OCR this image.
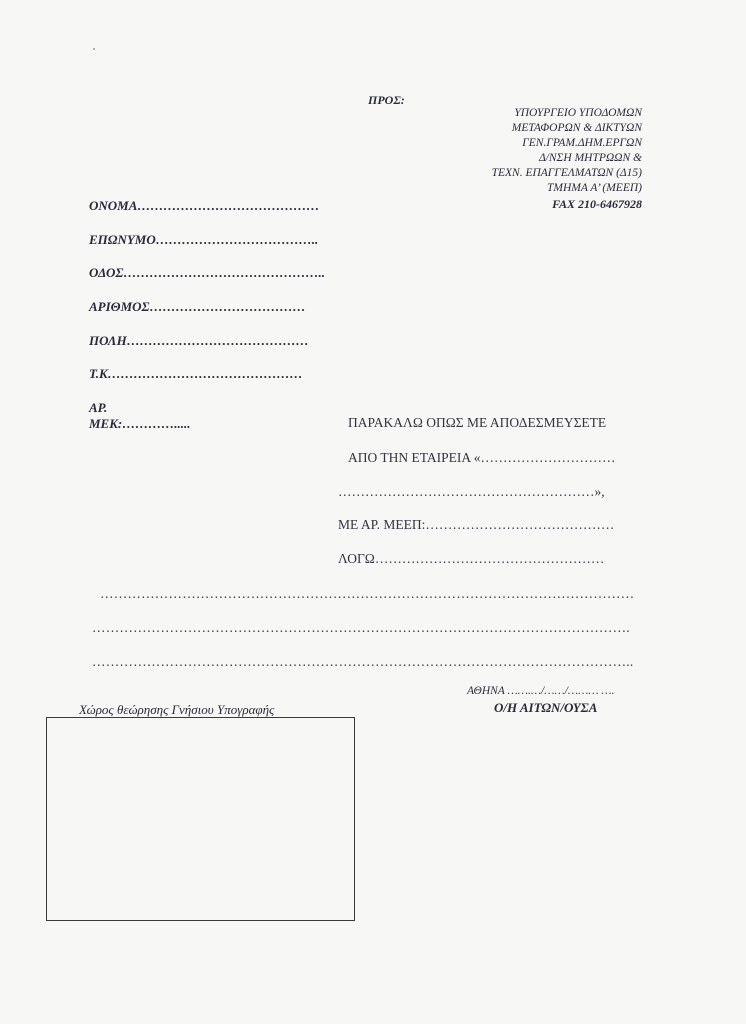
ΠΡΟΣ:
ΥΠΟΥΡΓΕΙΟ ΥΠΟΔΟΜΩΝ
ΜΕΤΑΦΟΡΩΝ & ΔΙΚΤΥΩΝ
ΓΕΝ.ΓΡΑΜ.ΔΗΜ.ΕΡΓΩΝ
Δ/ΝΣΗ ΜΗΤΡΩΩΝ &
ΤΕΧΝ. ΕΠΑΓΓΕΛΜΑΤΩΝ (Δ15)
ΤΜΗΜΑ Α’ (ΜΕΕΠ)
FAX 210-6467928
ΟΝΟΜΑ……………………………………
ΕΠΩΝΥΜΟ………………………………..
ΟΔΟΣ………………………………………..
ΑΡΙΘΜΟΣ………………………………
ΠΟΛΗ……………………………………
Τ.Κ………………………………………
ΑΡ. ΜΕΚ:………….....	ΠΑΡΑΚΑΛΩ ΟΠΩΣ ΜΕ ΑΠΟΔΕΣΜΕΥΣΕΤΕ
ΑΠΟ ΤΗΝ ΕΤΑΙΡΕΙΑ «…………………………
…………………………………………………»,
ΜΕ ΑΡ. ΜΕΕΠ:……………………………………
ΛΟΓΩ……………………………………………
………………………………………………………………………………………………………
……………………………………………………………………………………………………….
………………………………………………………………………………………………………..
ΑΘΗΝΑ …….…/……/……… ….
Ο/Η ΑΙΤΩΝ/ΟΥΣΑ
Χώρος θεώρησης Γνήσιου Υπογραφής
